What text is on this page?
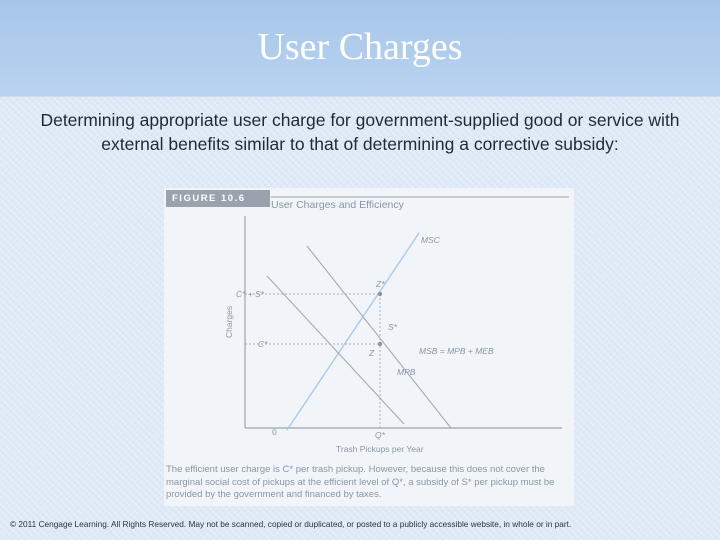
User Charges
Determining appropriate user charge for government-supplied good or service with external benefits similar to that of determining a corrective subsidy:
Charges
Trash Pickups per Year
0	Q*
C* + S*
C*
MSC
MSB = MPB + MEB
MPB
Z*
S*
Z
FIGURE 10.6
User Charges and Efficiency
The efficient user charge is C* per trash pickup. However, because this does not cover the marginal social cost of pickups at the efficient level of Q*, a subsidy of S* per pickup must be provided by the government and financed by taxes.
© 2011 Cengage Learning. All Rights Reserved. May not be scanned, copied or duplicated, or posted to a publicly accessible website, in whole or in part.
